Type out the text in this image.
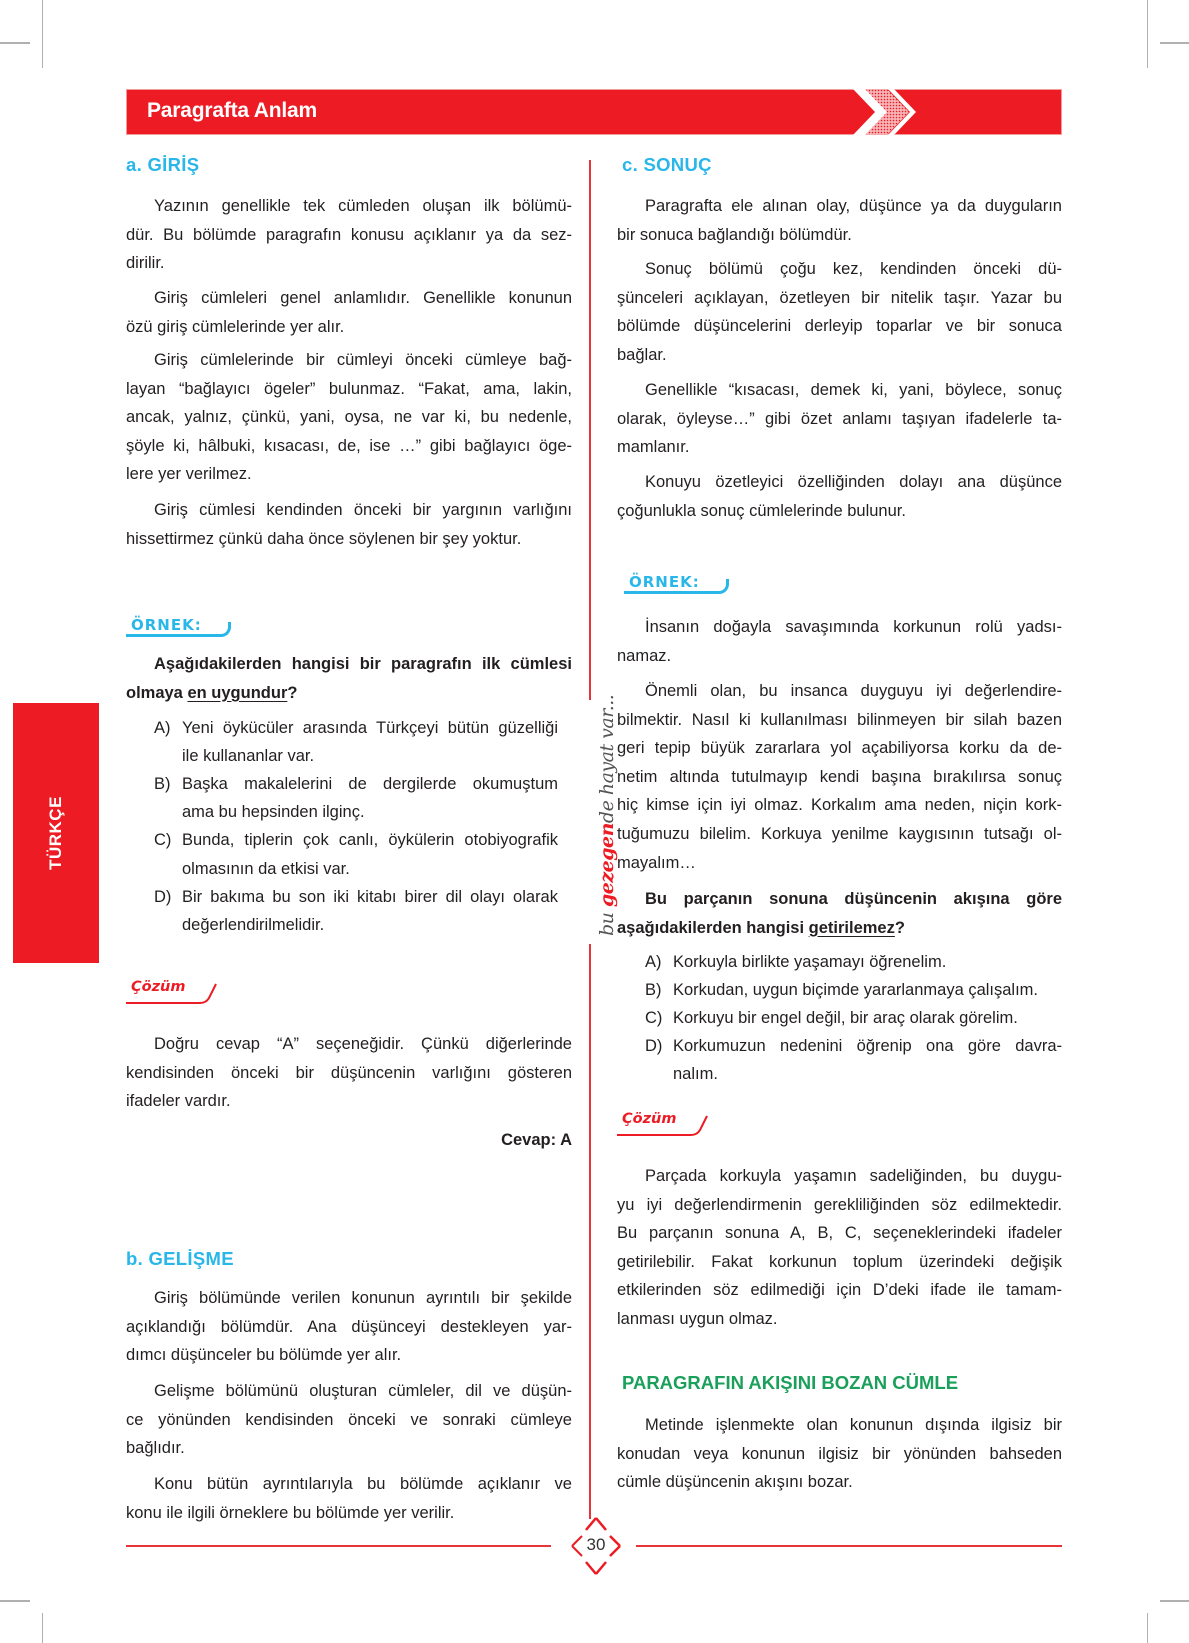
Paragrafta Anlam
TÜRKÇE
bu gezegende hayat var...
a. GİRİŞ
Yazının genellikle tek cümleden oluşan ilk bölümü-
dür. Bu bölümde paragrafın konusu açıklanır ya da sez-
dirilir.
Giriş cümleleri genel anlamlıdır. Genellikle konunun
özü giriş cümlelerinde yer alır.
Giriş cümlelerinde bir cümleyi önceki cümleye bağ-
layan “bağlayıcı ögeler” bulunmaz. “Fakat, ama, lakin,
ancak, yalnız, çünkü, yani, oysa, ne var ki, bu nedenle,
şöyle ki, hâlbuki, kısacası, de, ise …” gibi bağlayıcı öge-
lere yer verilmez.
Giriş cümlesi kendinden önceki bir yargının varlığını
hissettirmez çünkü daha önce söylenen bir şey yoktur.
Aşağıdakilerden hangisi bir paragrafın ilk cümlesi
olmaya en uygundur?
A) Yeni öykücüler arasında Türkçeyi bütün güzelliği
ile kullananlar var.
B) Başka makalelerini de dergilerde okumuştum
ama bu hepsinden ilginç.
C) Bunda, tiplerin çok canlı, öykülerin otobiyografik
olmasının da etkisi var.
D) Bir bakıma bu son iki kitabı birer dil olayı olarak
değerlendirilmelidir.
Doğru cevap “A” seçeneğidir. Çünkü diğerlerinde
kendisinden önceki bir düşüncenin varlığını gösteren
ifadeler vardır.
Giriş bölümünde verilen konunun ayrıntılı bir şekilde
açıklandığı bölümdür. Ana düşünceyi destekleyen yar-
dımcı düşünceler bu bölümde yer alır.
Gelişme bölümünü oluşturan cümleler, dil ve düşün-
ce yönünden kendisinden önceki ve sonraki cümleye
bağlıdır.
Konu bütün ayrıntılarıyla bu bölümde açıklanır ve
konu ile ilgili örneklere bu bölümde yer verilir.
Paragrafta ele alınan olay, düşünce ya da duyguların
bir sonuca bağlandığı bölümdür.
Sonuç bölümü çoğu kez, kendinden önceki dü-
şünceleri açıklayan, özetleyen bir nitelik taşır. Yazar bu
bölümde düşüncelerini derleyip toparlar ve bir sonuca
bağlar.
Genellikle “kısacası, demek ki, yani, böylece, sonuç
olarak, öyleyse…” gibi özet anlamı taşıyan ifadelerle ta-
mamlanır.
Konuyu özetleyici özelliğinden dolayı ana düşünce
çoğunlukla sonuç cümlelerinde bulunur.
İnsanın doğayla savaşımında korkunun rolü yadsı-
namaz.
Önemli olan, bu insanca duyguyu iyi değerlendire-
bilmektir. Nasıl ki kullanılması bilinmeyen bir silah bazen
geri tepip büyük zararlara yol açabiliyorsa korku da de-
netim altında tutulmayıp kendi başına bırakılırsa sonuç
hiç kimse için iyi olmaz. Korkalım ama neden, niçin kork-
tuğumuzu bilelim. Korkuya yenilme kaygısının tutsağı ol-
mayalım…
Bu parçanın sonuna düşüncenin akışına göre
aşağıdakilerden hangisi getirilemez?
A) Korkuyla birlikte yaşamayı öğrenelim.
B) Korkudan, uygun biçimde yararlanmaya çalışalım.
C) Korkuyu bir engel değil, bir araç olarak görelim.
D) Korkumuzun nedenini öğrenip ona göre davra-
nalım.
Parçada korkuyla yaşamın sadeliğinden, bu duygu-
yu iyi değerlendirmenin gerekliliğinden söz edilmektedir.
Bu parçanın sonuna A, B, C, seçeneklerindeki ifadeler
getirilebilir. Fakat korkunun toplum üzerindeki değişik
etkilerinden söz edilmediği için D’deki ifade ile tamam-
lanması uygun olmaz.
Metinde işlenmekte olan konunun dışında ilgisiz bir
konudan veya konunun ilgisiz bir yönünden bahseden
cümle düşüncenin akışını bozar.
ÖRNEK:
Çözüm
Cevap: A
b. GELİŞME
c. SONUÇ
ÖRNEK:
Çözüm
PARAGRAFIN AKIŞINI BOZAN CÜMLE
30
